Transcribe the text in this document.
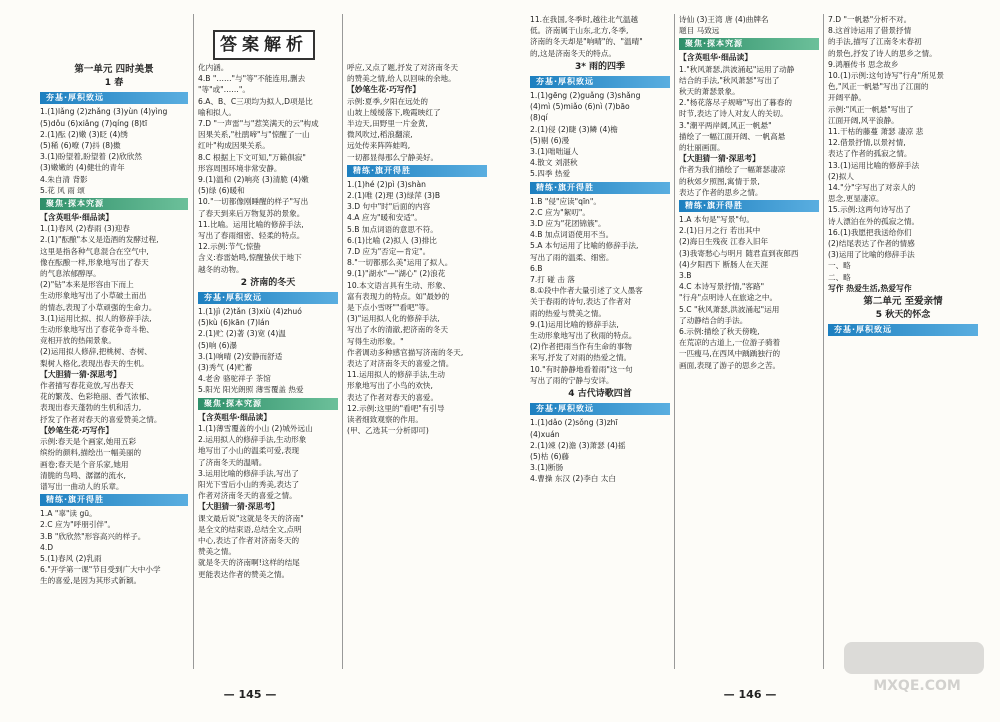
答案解析
第一单元 四时美景
1 春
夯基·厚积致远
1.(1)lǎng (2)zhǎng (3)yùn (4)yìng
(5)dǒu (6)xiǎng (7)qíng (8)tī
2.(1)酝 (2)嫩 (3)眨 (4)绣
(5)稀 (6)嘹 (7)抖 (8)擞
3.(1)盼望着,盼望着 (2)欣欣然
(3)嫩嫩的 (4)健壮的青年
4.朱自清 背影
5.花 风 雨 颂
聚焦·探本究源
【含英咀华·细品读】
1.(1)春风 (2)春雨 (3)迎春
2.(1)"酝酿"本义是造酒的发酵过程,
这里是指各种气息混合在空气中,
像在酝酿一样,形象地写出了春天
的气息浓郁醇厚。
(2)"钻"本来是形容由下而上
生动形象地写出了小草破土而出
的情态,表现了小草顽强的生命力。
3.(1)运用比拟、拟人的修辞手法,
生动形象地写出了春花争奇斗艳、
竞相开放的热闹景象。
(2)运用拟人修辞,把桃树、杏树、
梨树人格化,表现出春天的生机。
【大胆猜一猜·深思考】
作者描写春花竞放,写出春天
花的繁茂、色彩艳丽、香气浓郁、
表现出春天蓬勃的生机和活力,
抒发了作者对春天的喜爱赞美之情。
【妙笔生花·巧写作】
示例:春天是个画家,她用五彩
缤纷的颜料,描绘出一幅美丽的
画卷;春天是个音乐家,她用
清脆的鸟鸣、潺潺的流水,
谱写出一曲动人的乐章。
精练·旗开得胜
1.A "辜"读 gū。
2.C 应为"呼朋引伴"。
3.B "欣欣然"形容高兴的样子。
4.D
5.(1)春风 (2)乳雨
6."开学第一课"节目受到广大中小学
生的喜爱,是因为其形式新颖。
化内涵。
4.B "……"与"等"不能连用,删去
"等"或"……"。
6.A、B、C三项均为拟人,D项是比
喻和拟人。
7.D "一声雷"与"惹笑满天的云"构成
因果关系,"杜鹃啼"与"惊醒了一山
红叶"构成因果关系。
8.C 根据上下文可知,"万籁俱寂"
形容周围环境非常安静。
9.(1)温和 (2)响亮 (3)清脆 (4)嫩
(5)绿 (6)暖和
10."一切都像刚睡醒的样子"写出
了春天到来后万物复苏的景象。
11.比喻。运用比喻的修辞手法,
写出了春雨细密、轻柔的特点。
12.示例:节气;惊蛰
含义:春雷始鸣,惊醒蛰伏于地下
越冬的动物。
2 济南的冬天
夯基·厚积致远
1.(1)jì (2)tǎn (3)xiù (4)zhuó
(5)kù (6)kān (7)lán
2.(1)贮 (2)著 (3)宽 (4)温
(5)响 (6)瀑
3.(1)响晴 (2)安静而舒适
(3)秀气 (4)贮蓄
4.老舍 骆驼祥子 茶馆
5.阳光 阳光朗照 薄雪覆盖 热爱
聚焦·探本究源
【含英咀华·细品读】
1.(1)薄雪覆盖的小山 (2)城外远山
2.运用拟人的修辞手法,生动形象
地写出了小山的温柔可爱,表现
了济南冬天的温晴。
3.运用比喻的修辞手法,写出了
阳光下雪后小山的秀美,表达了
作者对济南冬天的喜爱之情。
【大胆猜一猜·深思考】
课文最后说"这就是冬天的济南"
是全文的结束语,总结全文,点明
中心,表达了作者对济南冬天的
赞美之情。
就是冬天的济南啊!这样的结尾
更能表达作者的赞美之情。
呼应,又点了题,抒发了对济南冬天
的赞美之情,给人以回味的余地。
【妙笔生花·巧写作】
示例:夏季,夕阳在远处的
山坡上缓缓落下,晚霞映红了
半边天,田野里一片金黄,
微风吹过,稻浪翻滚,
远处传来阵阵蛙鸣,
一切都显得那么宁静美好。
精练·旗开得胜
1.(1)hé (2)pì (3)shàn
2.(1)唯 (2)理 (3)绿萍 (3)B
3.D 句中"时"后面的内容
4.A 应为"暖和安适"。
5.B 加点词语的意思不符。
6.(1)比喻 (2)拟人 (3)排比
7.D 应为"否定—肯定"。
8."一切都那么美"运用了拟人。
9.(1)"湖水"—"湖心" (2)浪花
10.本文语言具有生动、形象、
富有表现力的特点。如"最妙的
是下点小雪呀""看吧"等。
(3)"运用拟人化的修辞手法,
写出了水的清澈,把济南的冬天
写得生动形象。"
作者调动多种感官描写济南的冬天,
表达了对济南冬天的喜爱之情。
11.运用拟人的修辞手法,生动
形象地写出了小鸟的欢快,
表达了作者对春天的喜爱。
12.示例:这里的"看吧"有引导
读者细致观察的作用。
(甲、乙选其一分析即可)
— 145 —
11.在我国,冬季时,越往北气温越
低。济南属于山东,北方,冬季,
济南的冬天却是"响晴"的、"温晴"
的,这是济南冬天的特点。
3* 雨的四季
夯基·厚积致远
1.(1)gēng (2)guǎng (3)shǎng
(4)mì (5)miǎo (6)nì (7)bāo
(8)qí
2.(1)侵 (2)睫 (3)鳞 (4)檐
(5)剔 (6)漫
3.(1)咄咄逼人
4.散文 刘湛秋
5.四季 热爱
精练·旗开得胜
1.B "侵"应读"qīn"。
2.C 应为"絮叨"。
3.D 应为"花团锦簇"。
4.B 加点词语使用不当。
5.A 本句运用了比喻的修辞手法,
写出了雨的温柔、细密。
6.B
7.打 碰 击 落
8.①段中作者大量引述了文人墨客
关于春雨的诗句,表达了作者对
雨的热爱与赞美之情。
9.(1)运用比喻的修辞手法,
生动形象地写出了秋雨的特点。
(2)作者把雨当作有生命的事物
来写,抒发了对雨的热爱之情。
10."有时静静地看着雨"这一句
写出了雨的宁静与安详。
4 古代诗歌四首
夯基·厚积致远
1.(1)dǎo (2)sǒng (3)zhī
(4)xuán
2.(1)竦 (2)澹 (3)萧瑟 (4)摇
(5)枯 (6)藤
3.(1)断肠
4.曹操 东汉 (2)李白 太白
诗仙 (3)王湾 唐 (4)曲牌名
题目 马致远
聚焦·探本究源
【含英咀华·细品读】
1."秋风萧瑟,洪波涌起"运用了动静
结合的手法,"秋风萧瑟"写出了
秋天的萧瑟景象。
2."杨花落尽子规啼"写出了暮春的
时节,表达了诗人对友人的关切。
3."潮平两岸阔,风正一帆悬"
描绘了一幅江面开阔、一帆高悬
的壮丽画面。
【大胆猜一猜·深思考】
作者为我们描绘了一幅萧瑟凄凉
的秋郊夕照图,寓情于景,
表达了作者的思乡之情。
精练·旗开得胜
1.A 本句是"写景"句。
2.(1)日月之行 若出其中
(2)海日生残夜 江春入旧年
(3)我寄愁心与明月 随君直到夜郎西
(4)夕阳西下 断肠人在天涯
3.B
4.C 本诗写景抒情,"客路"
"行舟"点明诗人在旅途之中。
5.C "秋风萧瑟,洪波涌起"运用
了动静结合的手法。
6.示例:描绘了秋天傍晚,
在荒凉的古道上,一位游子骑着
一匹瘦马,在西风中踽踽独行的
画面,表现了游子的思乡之苦。
7.D "一帆悬"分析不对。
8.这首诗运用了借景抒情
的手法,描写了江南冬末春初
的景色,抒发了诗人的思乡之情。
9.鸿雁传书 思念故乡
10.(1)示例:这句诗写"行舟"所见景
色,"风正一帆悬"写出了江面的
开阔平静。
示例:"风正一帆悬"写出了
江面开阔,风平浪静。
11.干枯的藤蔓 萧瑟 凄凉 悲
12.借景抒情,以景衬情,
表达了作者的孤寂之情。
13.(1)运用比喻的修辞手法
(2)拟人
14."分"字写出了对亲人的
思念,更显凄凉。
15.示例:这两句诗写出了
诗人漂泊在外的孤寂之情。
16.(1)我愿把我送给你们
(2)结尾表达了作者的情感
(3)运用了比喻的修辞手法
一、略
二、略
写作 热爱生活,热爱写作
第二单元 至爱亲情
5 秋天的怀念
夯基·厚积致远
— 146 —
MXQE.COM
